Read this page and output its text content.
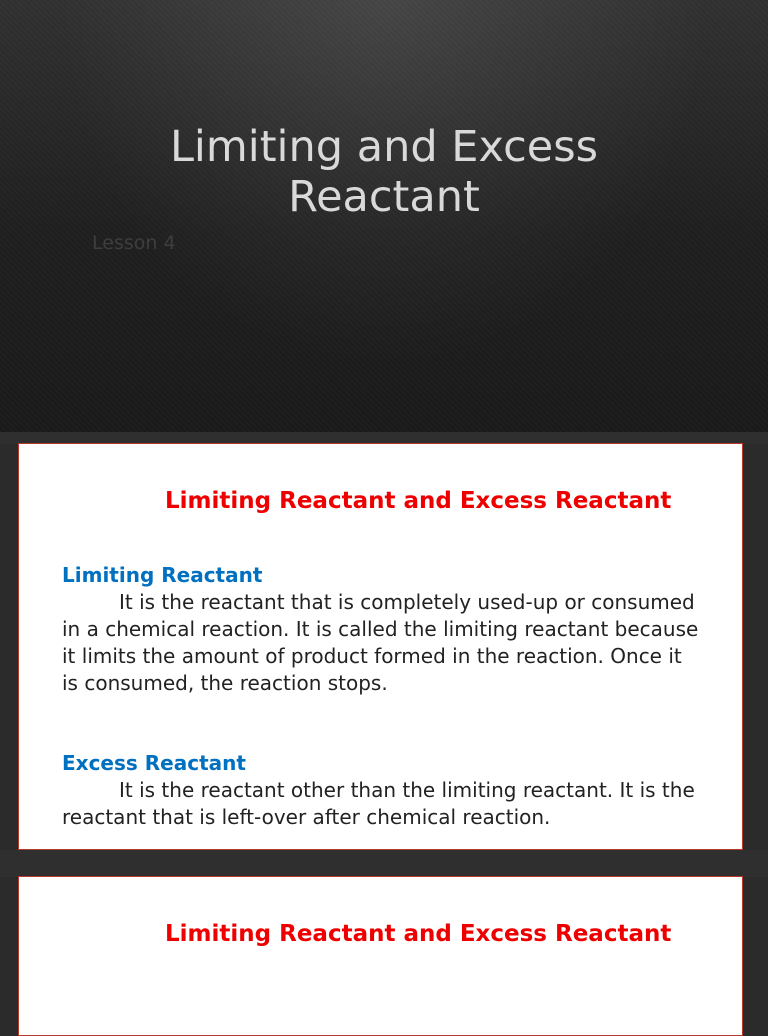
Limiting and Excess Reactant
Lesson 4
Limiting Reactant and Excess Reactant
Limiting Reactant

It is the reactant that is completely used-up or consumed in a chemical reaction. It is called the limiting reactant because it limits the amount of product formed in the reaction. Once it is consumed, the reaction stops.

Excess Reactant

It is the reactant other than the limiting reactant. It is the reactant that is left-over after chemical reaction.

Limiting Reactant and Excess Reactant
